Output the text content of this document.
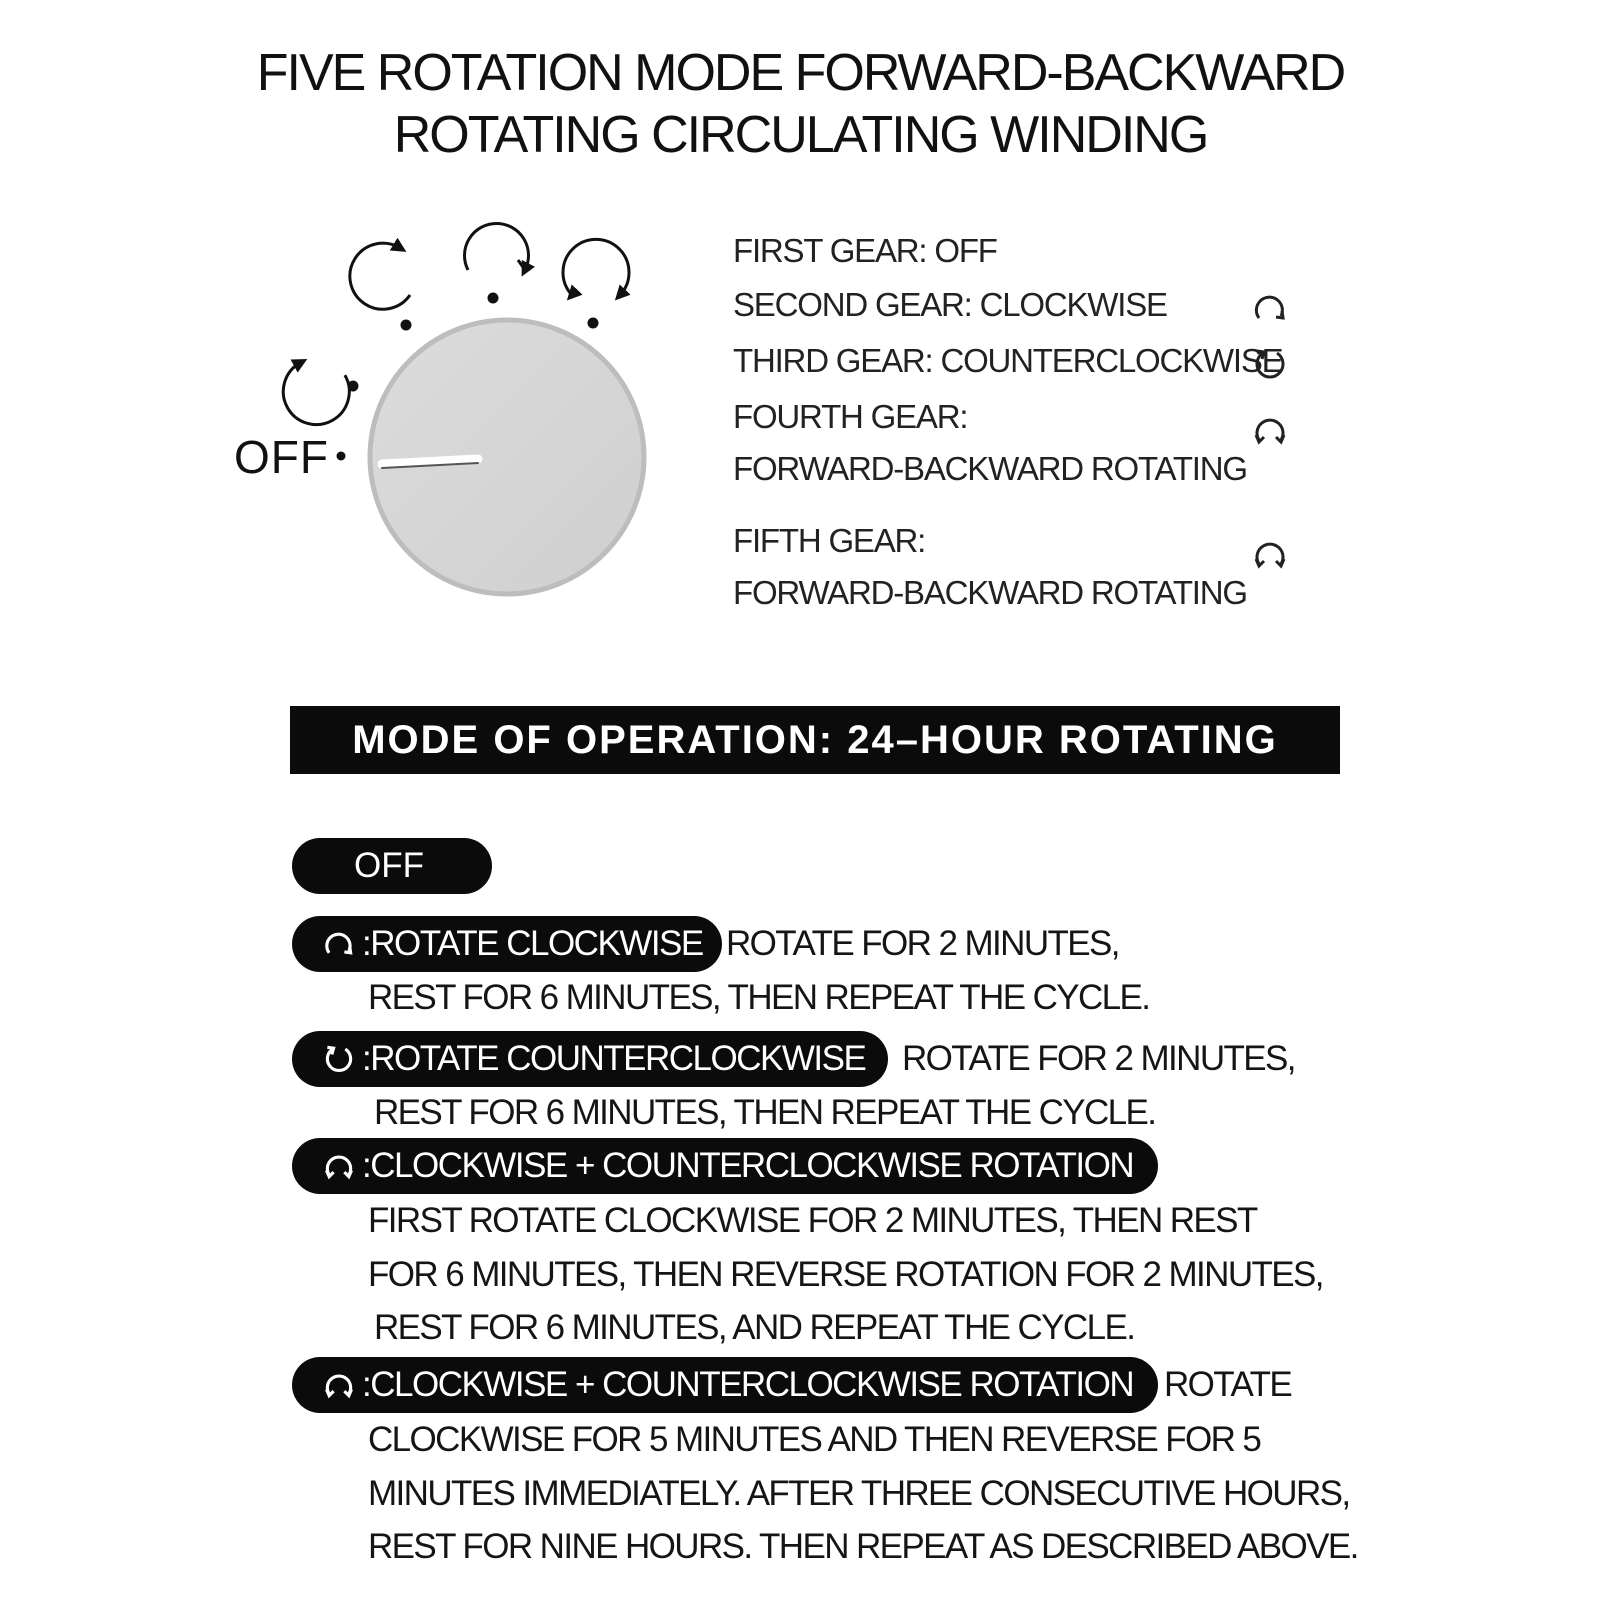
FIVE ROTATION MODE FORWARD-BACKWARD
ROTATING CIRCULATING WINDING
OFF
FIRST GEAR: OFF
SECOND GEAR: CLOCKWISE
THIRD GEAR: COUNTERCLOCKWISE
FOURTH GEAR:
FORWARD-BACKWARD ROTATING
FIFTH GEAR:
FORWARD-BACKWARD ROTATING
MODE OF OPERATION: 24–HOUR ROTATING
OFF
:ROTATE CLOCKWISE ROTATE FOR 2 MINUTES,
REST FOR 6 MINUTES, THEN REPEAT THE CYCLE.
:ROTATE COUNTERCLOCKWISE	ROTATE FOR 2 MINUTES,
REST FOR 6 MINUTES, THEN REPEAT THE CYCLE.
:CLOCKWISE + COUNTERCLOCKWISE ROTATION
FIRST ROTATE CLOCKWISE FOR 2 MINUTES, THEN REST
FOR 6 MINUTES, THEN REVERSE ROTATION FOR 2 MINUTES,
REST FOR 6 MINUTES, AND REPEAT THE CYCLE.
:CLOCKWISE + COUNTERCLOCKWISE ROTATION ROTATE
CLOCKWISE FOR 5 MINUTES AND THEN REVERSE FOR 5
MINUTES IMMEDIATELY. AFTER THREE CONSECUTIVE HOURS,
REST FOR NINE HOURS. THEN REPEAT AS DESCRIBED ABOVE.
